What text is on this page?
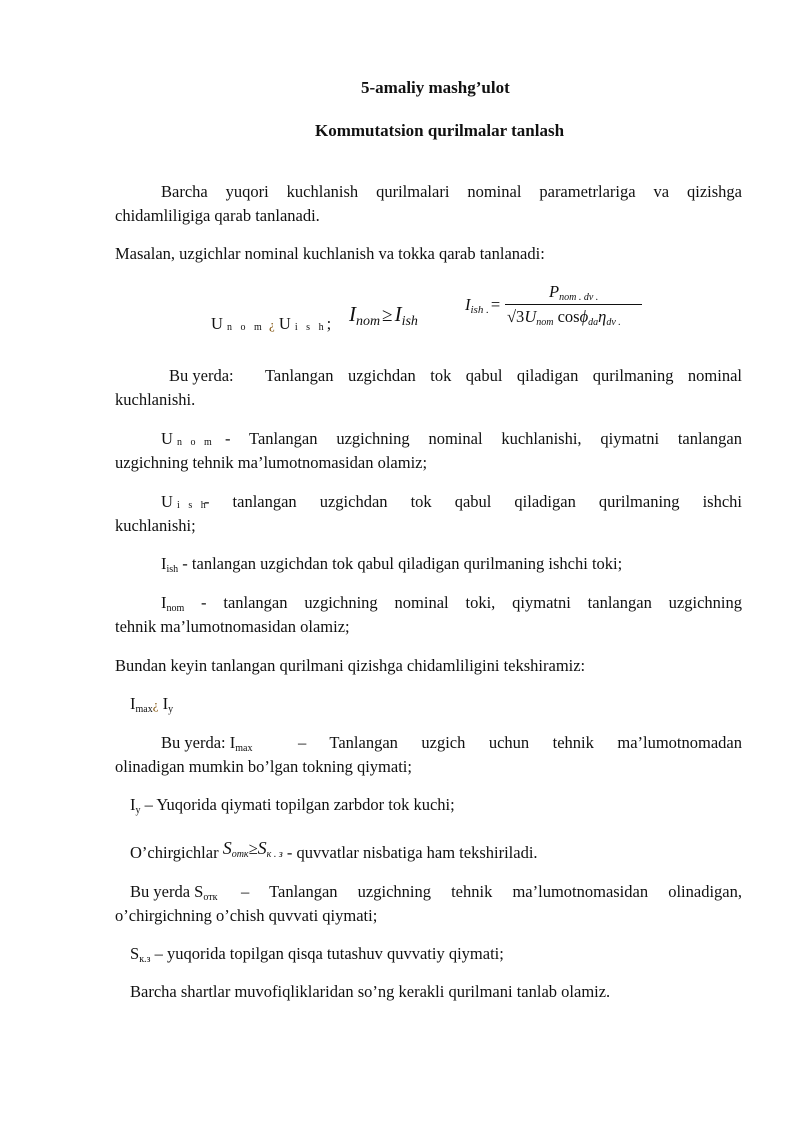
5-amaliy mashg’ulot
Kommutatsion qurilmalar tanlash
Barcha yuqori kuchlanish qurilmalari nominal parametrlariga va qizishga
chidamliligiga qarab tanlanadi.
Masalan, uzgichlar nominal kuchlanish va tokka qarab tanlanadi:
U n o m ¿ U i s h; $I_{nom} \ge I_{ish}$
Iish . =
Pnom . dv .
√3Unom cosϕdaηdv .
Bu yerda: Tanlangan uzgichdan tok qabul qiladigan qurilmaning nominal
kuchlanishi.
U n o m - Tanlangan uzgichning nominal kuchlanishi, qiymatni tanlangan
uzgichning tehnik ma’lumotnomasidan olamiz;
U i s h
- tanlangan uzgichdan tok qabul qiladigan qurilmaning ishchi
kuchlanishi;
Iish - tanlangan uzgichdan tok qabul qiladigan qurilmaning ishchi toki;
Inom - tanlangan uzgichning nominal toki, qiymatni tanlangan uzgichning
tehnik ma’lumotnomasidan olamiz;
Bundan keyin tanlangan qurilmani qizishga chidamliligini tekshiramiz:
Imax¿ Iy
Bu yerda: Imax	– Tanlangan uzgich uchun tehnik ma’lumotnomadan
olinadigan mumkin bo’lgan tokning qiymati;
Iy – Yuqorida qiymati topilgan zarbdor tok kuchi;
O’chirgichlar Sотк≥Sк . з - quvvatlar nisbatiga ham tekshiriladi.
Bu yerda Sотк – Tanlangan uzgichning tehnik ma’lumotnomasidan olinadigan,
o’chirgichning o’chish quvvati qiymati;
Sк.з – yuqorida topilgan qisqa tutashuv quvvatiy qiymati;
Barcha shartlar muvofiqliklaridan so’ng kerakli qurilmani tanlab olamiz.
